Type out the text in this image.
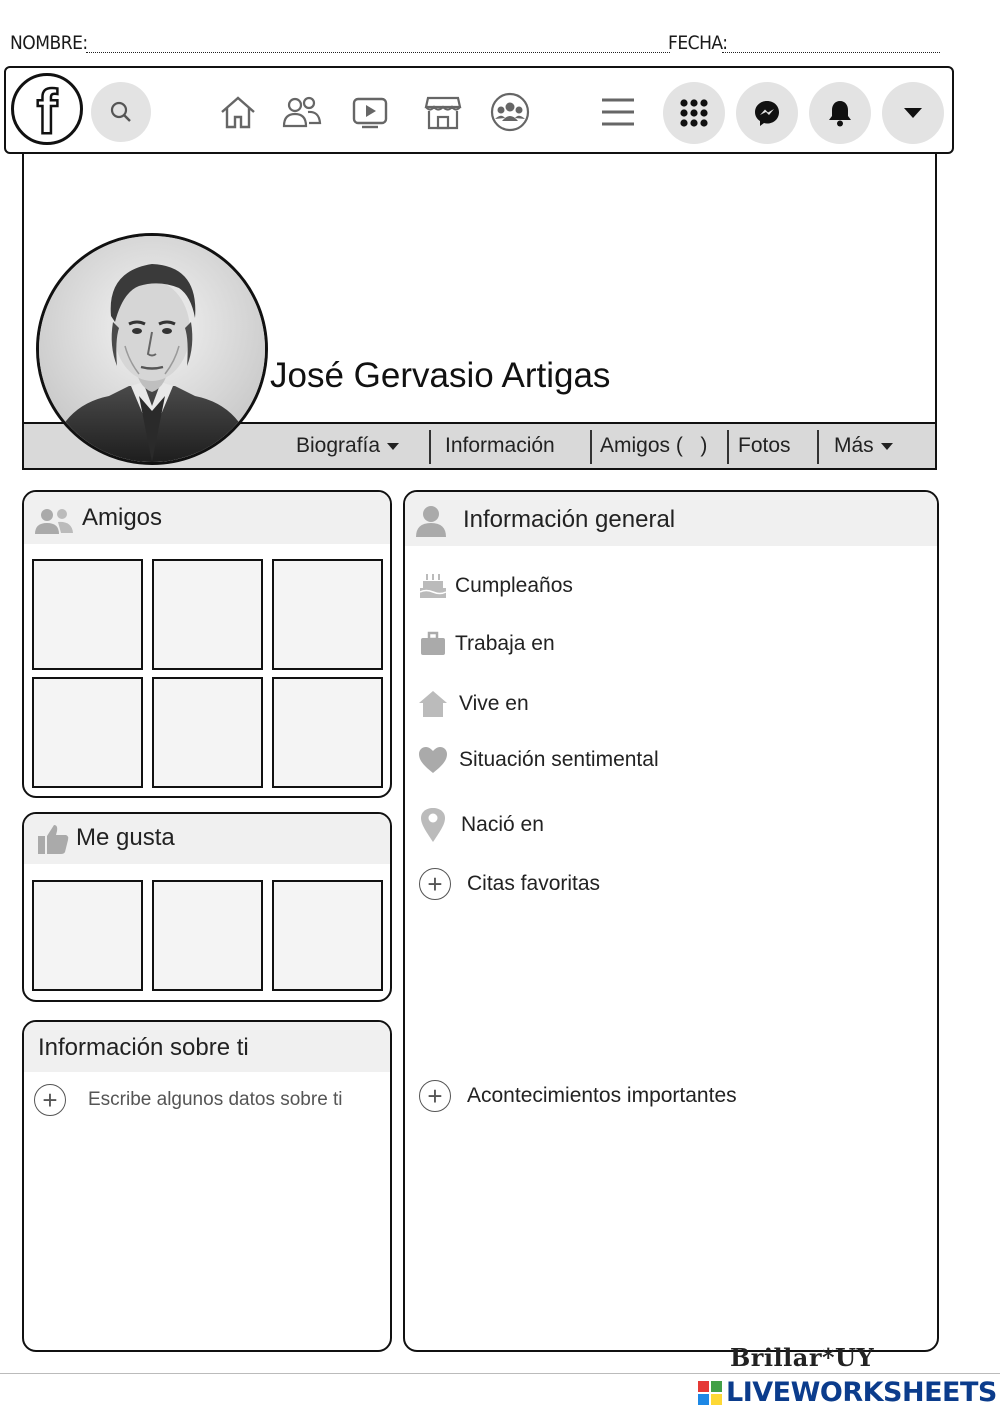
NOMBRE:	FECHA:
f
Biografía	Información Amigos (   ) Fotos Más
José Gervasio Artigas
Amigos
Me gusta
Información sobre ti
+	Escribe algunos datos sobre ti
Información general
Cumpleaños
Trabaja en
Vive en
Situación sentimental
Nació en
+	Citas favoritas
+	Acontecimientos importantes
Brillar*UY
LIVEWORKSHEETS
